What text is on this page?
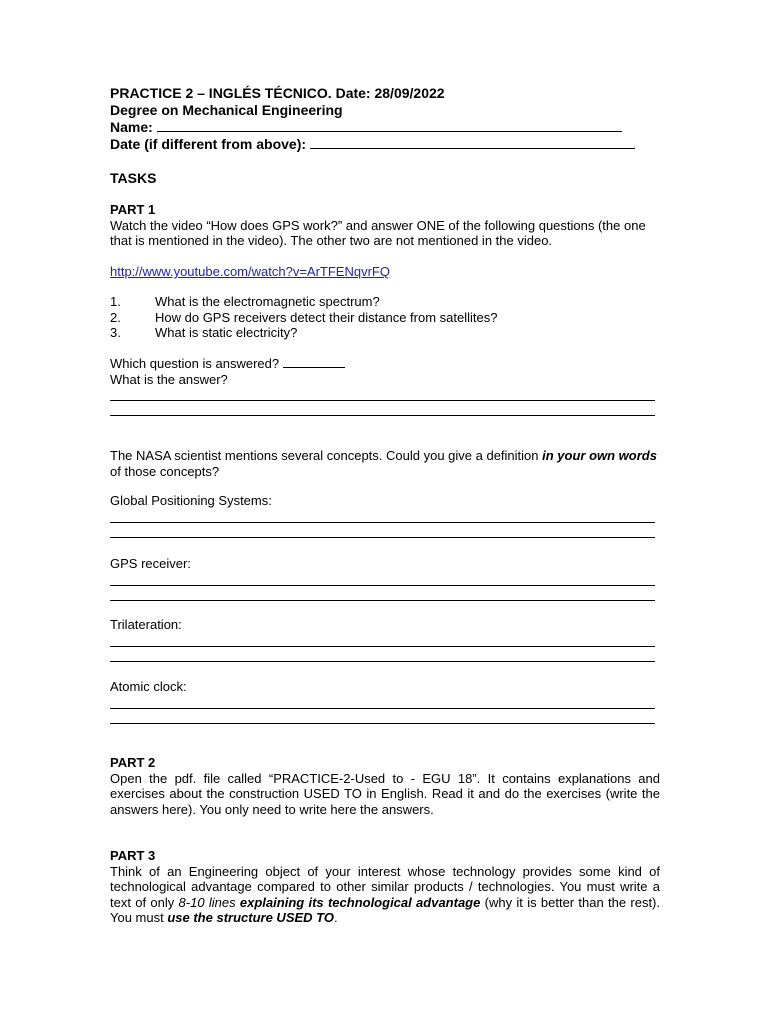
PRACTICE 2 – INGLÉS TÉCNICO. Date: 28/09/2022
Degree on Mechanical Engineering
Name:
Date (if different from above):
TASKS
PART 1
Watch the video “How does GPS work?” and answer ONE of the following questions (the one that is mentioned in the video). The other two are not mentioned in the video.
http://www.youtube.com/watch?v=ArTFENqvrFQ
1.	What is the electromagnetic spectrum?
2.	How do GPS receivers detect their distance from satellites?
3.	What is static electricity?
Which question is answered?
What is the answer?
The NASA scientist mentions several concepts. Could you give a definition in your own words of those concepts?
Global Positioning Systems:
GPS receiver:
Trilateration:
Atomic clock:
PART 2
Open the pdf. file called “PRACTICE-2-Used to - EGU 18”. It contains explanations and exercises about the construction USED TO in English. Read it and do the exercises (write the answers here). You only need to write here the answers.
PART 3
Think of an Engineering object of your interest whose technology provides some kind of technological advantage compared to other similar products / technologies. You must write a text of only 8-10 lines explaining its technological advantage (why it is better than the rest). You must use the structure USED TO.
